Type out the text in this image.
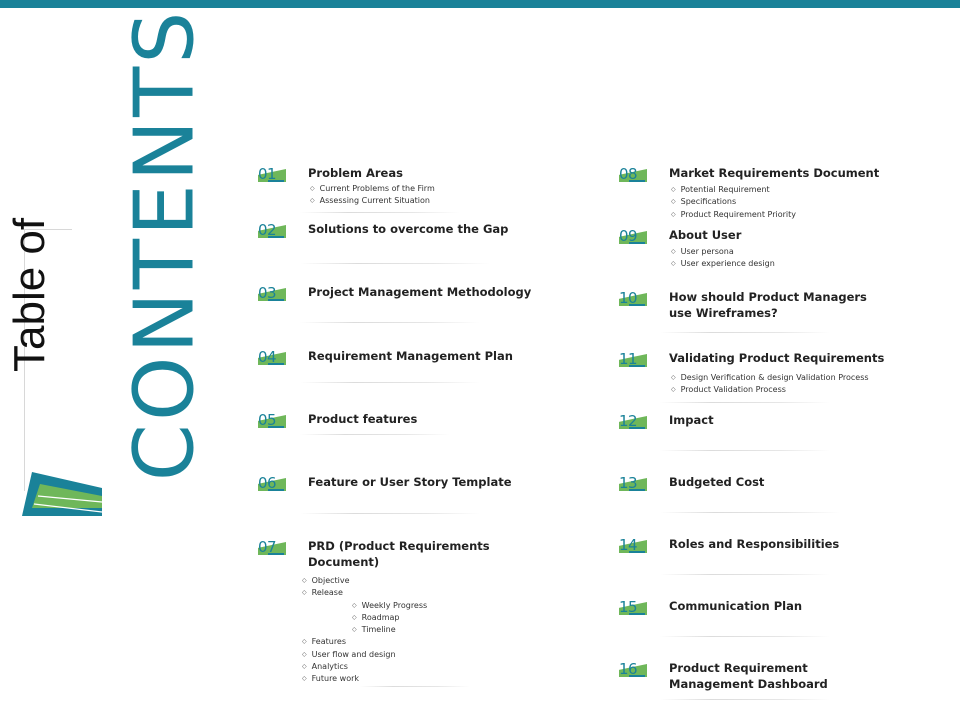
Table of CONTENTS	01	Problem Areas
◇ Current Problems of the Firm
◇ Assessing Current Situation
02	Solutions to overcome the Gap
03	Project Management Methodology
04	Requirement Management Plan
05	Product features
06	Feature or User Story Template
07	PRD (Product Requirements
Document)
◇ Objective
◇ Release
◇ Weekly Progress
◇ Roadmap
◇ Timeline
◇ Features
◇ User flow and design
◇ Analytics
◇ Future work
08	Market Requirements Document
◇ Potential Requirement
◇ Specifications
◇ Product Requirement Priority
09	About User
◇ User persona
◇ User experience design
10	How should Product Managers
use Wireframes?
11	Validating Product Requirements
◇ Design Verification & design Validation Process
◇ Product Validation Process
12	Impact
13	Budgeted Cost
14	Roles and Responsibilities
15	Communication Plan
16	Product Requirement
Management Dashboard
